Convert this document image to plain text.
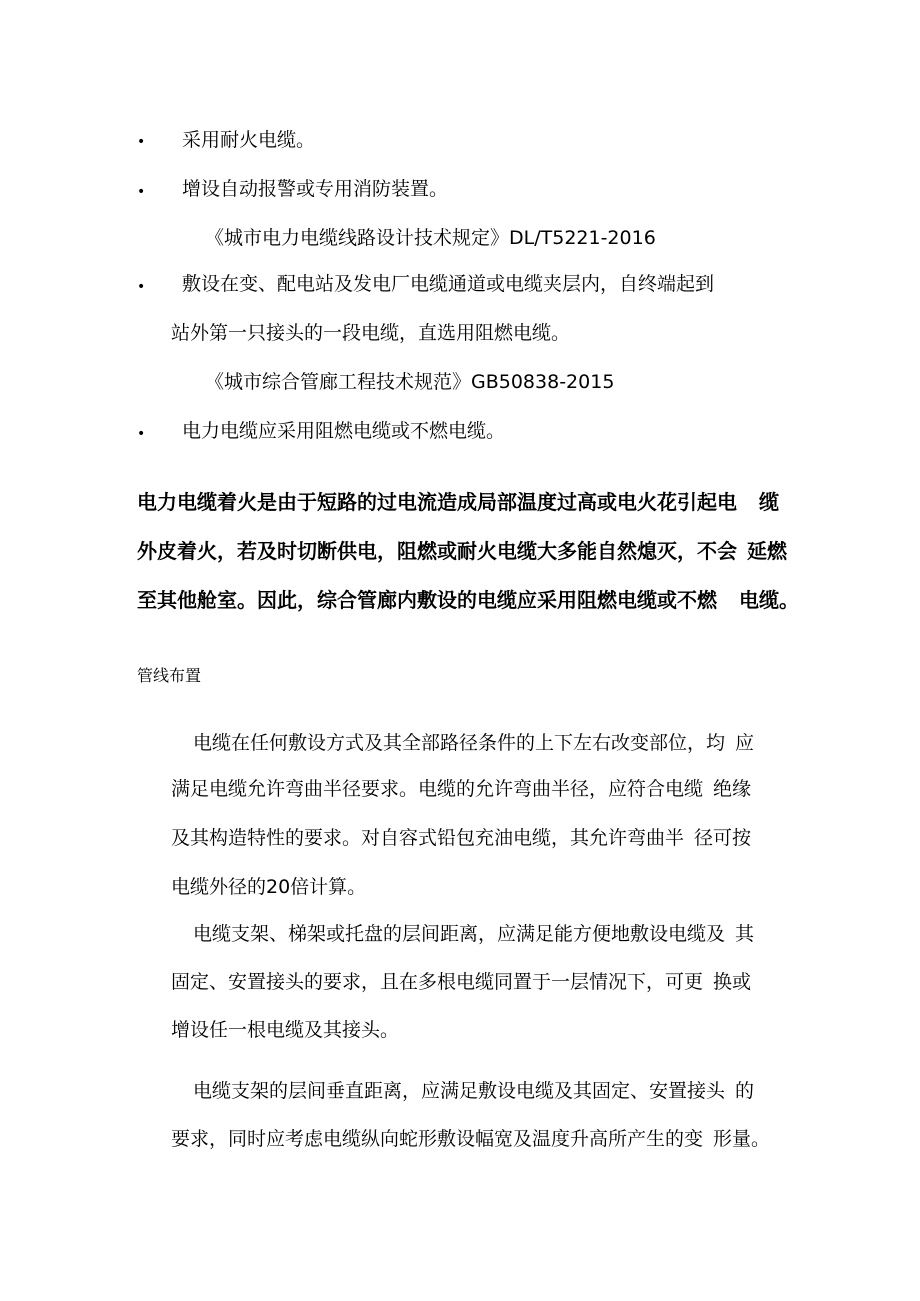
• 采用耐火电缆。
• 增设自动报警或专用消防装置。
《城市电力电缆线路设计技术规定》DL/T5221-2016
• 敷设在变、配电站及发电厂电缆通道或电缆夹层内，自终端起到
站外第一只接头的一段电缆，直选用阻燃电缆。
《城市综合管廊工程技术规范》GB50838-2015
• 电力电缆应采用阻燃电缆或不燃电缆。
电力电缆着火是由于短路的过电流造成局部温度过高或电火花引起电 缆
外皮着火，若及时切断供电，阻燃或耐火电缆大多能自然熄灭，不会 延燃
至其他舱室。因此，综合管廊内敷设的电缆应采用阻燃电缆或不燃 电缆。
管线布置
电缆在任何敷设方式及其全部路径条件的上下左右改变部位，均 应
满足电缆允许弯曲半径要求。电缆的允许弯曲半径，应符合电缆 绝缘
及其构造特性的要求。对自容式铅包充油电缆，其允许弯曲半 径可按
电缆外径的20倍计算。
电缆支架、梯架或托盘的层间距离，应满足能方便地敷设电缆及 其
固定、安置接头的要求，且在多根电缆同置于一层情况下，可更 换或
增设任一根电缆及其接头。
电缆支架的层间垂直距离，应满足敷设电缆及其固定、安置接头 的
要求，同时应考虑电缆纵向蛇形敷设幅宽及温度升高所产生的变 形量。
